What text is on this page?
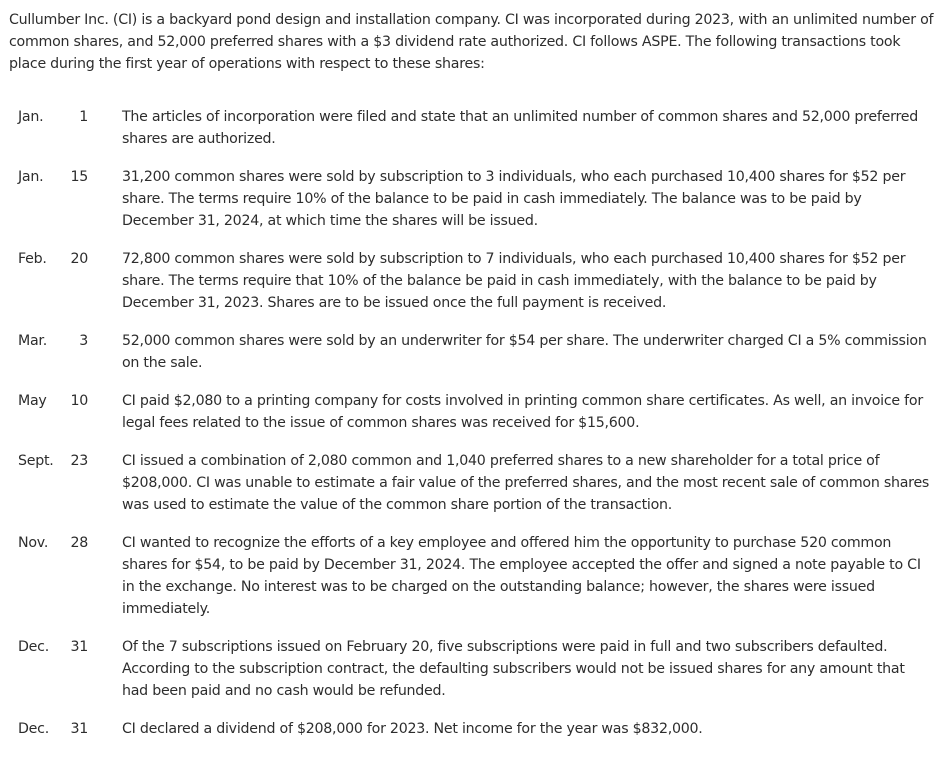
Cullumber Inc. (CI) is a backyard pond design and installation company. CI was incorporated during 2023, with an unlimited number of common shares, and 52,000 preferred shares with a $3 dividend rate authorized. CI follows ASPE. The following transactions took place during the first year of operations with respect to these shares:
Jan.	1 The articles of incorporation were filed and state that an unlimited number of common shares and 52,000 preferred shares are authorized.
Jan.	15 31,200 common shares were sold by subscription to 3 individuals, who each purchased 10,400 shares for $52 per share. The terms require 10% of the balance to be paid in cash immediately. The balance was to be paid by December 31, 2024, at which time the shares will be issued.
Feb.	20 72,800 common shares were sold by subscription to 7 individuals, who each purchased 10,400 shares for $52 per share. The terms require that 10% of the balance be paid in cash immediately, with the balance to be paid by December 31, 2023. Shares are to be issued once the full payment is received.
Mar.	3 52,000 common shares were sold by an underwriter for $54 per share. The underwriter charged CI a 5% commission on the sale.
May	10 CI paid $2,080 to a printing company for costs involved in printing common share certificates. As well, an invoice for legal fees related to the issue of common shares was received for $15,600.
Sept.	23 CI issued a combination of 2,080 common and 1,040 preferred shares to a new shareholder for a total price of $208,000. CI was unable to estimate a fair value of the preferred shares, and the most recent sale of common shares was used to estimate the value of the common share portion of the transaction.
Nov.	28 CI wanted to recognize the efforts of a key employee and offered him the opportunity to purchase 520 common shares for $54, to be paid by December 31, 2024. The employee accepted the offer and signed a note payable to CI in the exchange. No interest was to be charged on the outstanding balance; however, the shares were issued immediately.
Dec.	31 Of the 7 subscriptions issued on February 20, five subscriptions were paid in full and two subscribers defaulted. According to the subscription contract, the defaulting subscribers would not be issued shares for any amount that had been paid and no cash would be refunded.
Dec.	31 CI declared a dividend of $208,000 for 2023. Net income for the year was $832,000.
